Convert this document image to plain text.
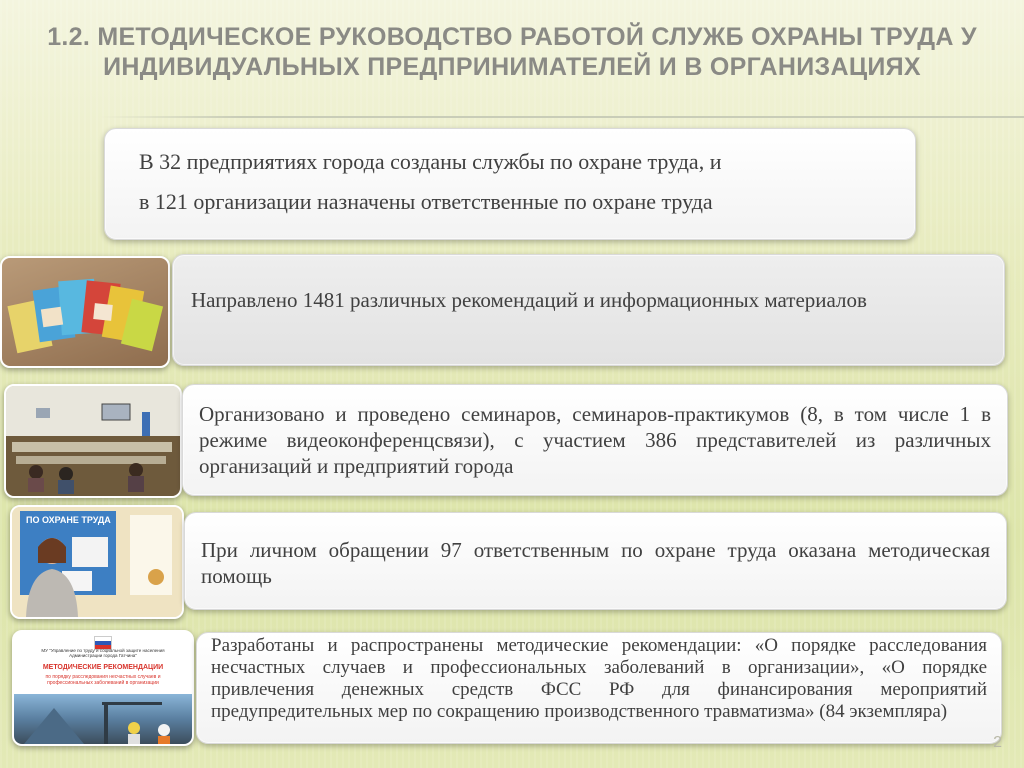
1.2. МЕТОДИЧЕСКОЕ РУКОВОДСТВО РАБОТОЙ СЛУЖБ ОХРАНЫ ТРУДА У ИНДИВИДУАЛЬНЫХ ПРЕДПРИНИМАТЕЛЕЙ И В ОРГАНИЗАЦИЯХ
В 32 предприятиях города созданы службы по охране труда, и
в 121 организации назначены ответственные по охране труда
Направлено 1481 различных рекомендаций и информационных материалов
Организовано и проведено семинаров, семинаров-практикумов (8, в том числе 1 в режиме видеоконференцсвязи), с участием 386 представителей из различных организаций и предприятий города
ПО ОХРАНЕ ТРУДА
При личном обращении 97 ответственным по охране труда оказана методическая помощь
МУ "Управление по труду и социальной защите населения Администрации города Гатчина"
МЕТОДИЧЕСКИЕ РЕКОМЕНДАЦИИ
по порядку расследования несчастных случаев и профессиональных заболеваний в организации
Разработаны и распространены методические рекомендации: «О порядке расследования несчастных случаев и профессиональных заболеваний в организации», «О порядке привлечения денежных средств ФСС РФ для финансирования мероприятий предупредительных мер по сокращению производственного травматизма» (84 экземпляра)
2
